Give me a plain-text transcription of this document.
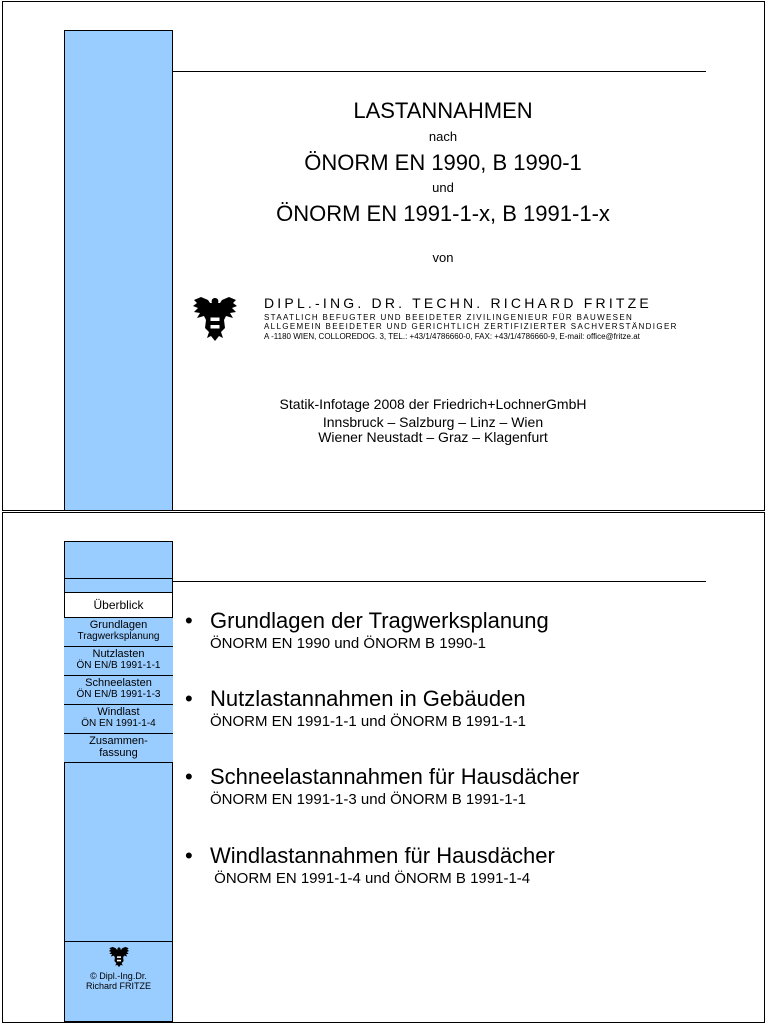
LASTANNAHMEN
nach
ÖNORM EN 1990, B 1990-1
und
ÖNORM EN 1991-1-x, B 1991-1-x
von
DIPL.-ING. DR. TECHN. RICHARD FRITZE
STAATLICH BEFUGTER UND BEEIDETER ZIVILINGENIEUR FÜR BAUWESEN
ALLGEMEIN BEEIDETER UND GERICHTLICH ZERTIFIZIERTER SACHVERSTÄNDIGER
A -1180 WIEN, COLLOREDOG. 3, TEL.: +43/1/4786660-0, FAX: +43/1/4786660-9, E-mail: office@fritze.at
Statik-Infotage 2008 der Friedrich+LochnerGmbH
Innsbruck – Salzburg – Linz – Wien
Wiener Neustadt – Graz – Klagenfurt
Überblick
Grundlagen
Tragwerksplanung
Nutzlasten
ÖN EN/B 1991-1-1
Schneelasten
ÖN EN/B 1991-1-3
Windlast
ÖN EN 1991-1-4
Zusammen-
fassung
• Grundlagen der Tragwerksplanung
ÖNORM EN 1990 und ÖNORM B 1990-1
• Nutzlastannahmen in Gebäuden
ÖNORM EN 1991-1-1 und ÖNORM B 1991-1-1
• Schneelastannahmen für Hausdächer
ÖNORM EN 1991-1-3 und ÖNORM B 1991-1-1
• Windlastannahmen für Hausdächer
ÖNORM EN 1991-1-4 und ÖNORM B 1991-1-4
© Dipl.-Ing.Dr.
Richard FRITZE
